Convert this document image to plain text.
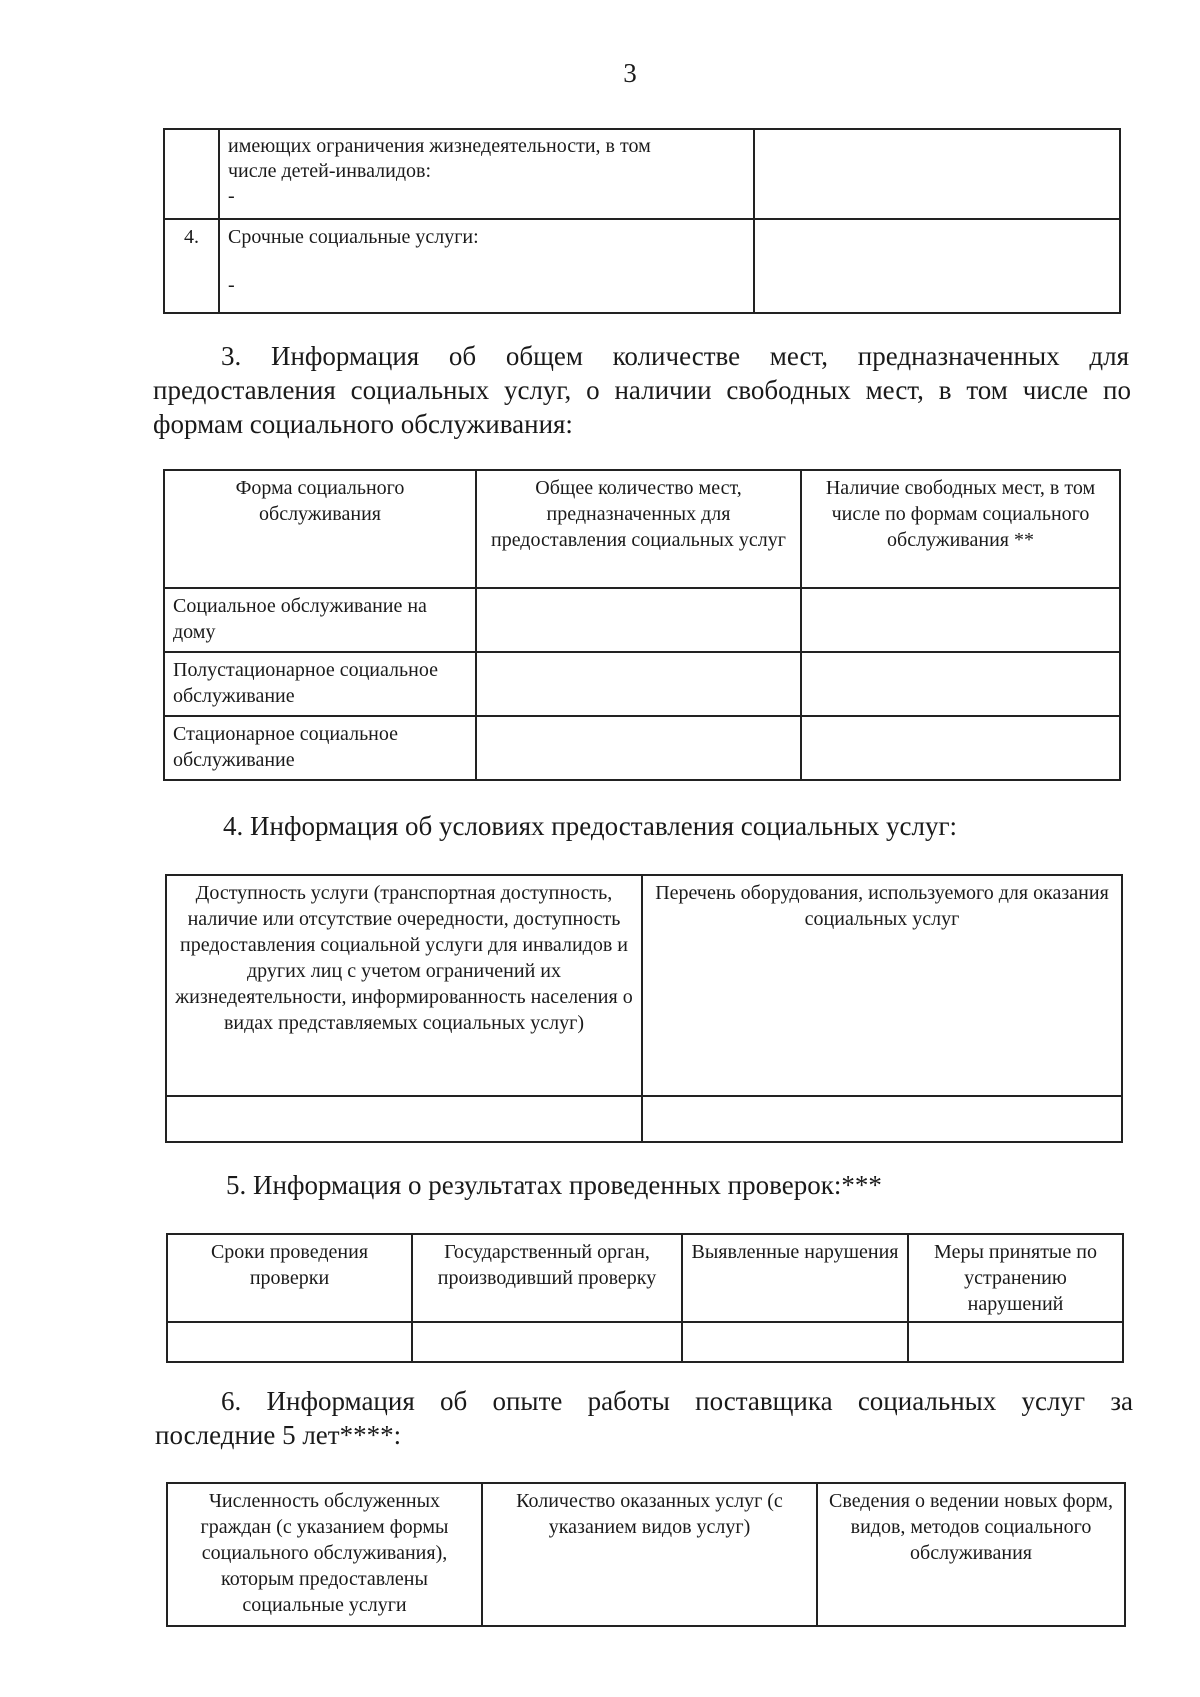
3

	имеющих ограничения жизнедеятельности, в том
числе детей-инвалидов:
-	

4.	Срочные социальные услуги:
-	

3. Информация об общем количестве мест, предназначенных для
предоставления социальных услуг, о наличии свободных мест, в том числе по
формам социального обслуживания:
Форма социального обслуживания	Общее количество мест, предназначенных для предоставления социальных услуг	Наличие свободных мест, в том числе по формам социального обслуживания **
Социальное обслуживание на дому		
Полустационарное социальное обслуживание		
Стационарное социальное обслуживание		
4. Информация об условиях предоставления социальных услуг:
Доступность услуги (транспортная доступность, наличие или отсутствие очередности, доступность предоставления социальной услуги для инвалидов и других лиц с учетом ограничений их жизнедеятельности, информированность населения о видах представляемых социальных услуг)	Перечень оборудования, используемого для оказания социальных услуг

5. Информация о результатах проведенных проверок:***
Сроки проведения проверки	Государственный орган, производивший проверку	Выявленные нарушения	Меры принятые по устранению нарушений

6. Информация об опыте работы поставщика социальных услуг за
последние 5 лет****:
Численность обслуженных граждан (с указанием формы социального обслуживания), которым предоставлены социальные услуги	Количество оказанных услуг (с указанием видов услуг)	Сведения о ведении новых форм, видов, методов социального обслуживания
